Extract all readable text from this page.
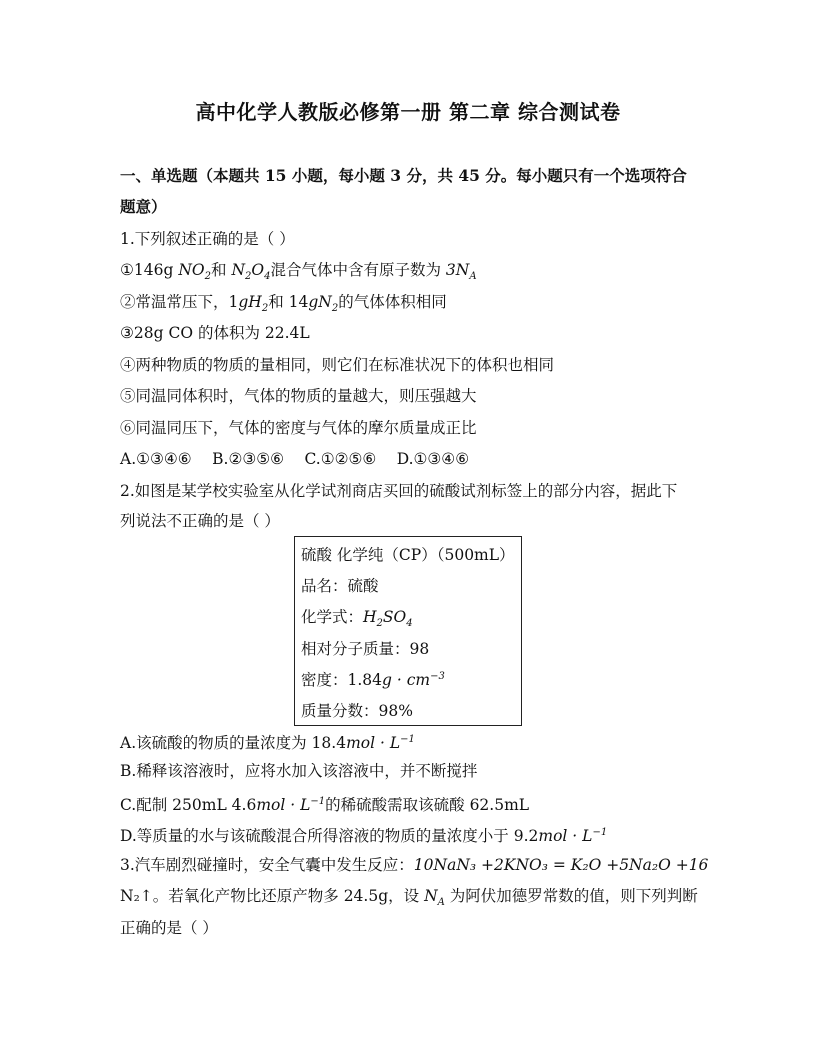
高中化学人教版必修第一册 第二章 综合测试卷
一、单选题（本题共 15 小题，每小题 3 分，共 45 分。每小题只有一个选项符合
题意）
1.下列叙述正确的是（ ）
①146g $NO_2$和 $N_2O_4$混合气体中含有原子数为 $3N_A$
②常温常压下，$1gH_2$和 $14gN_2$的气体体积相同
③28g CO 的体积为 22.4L
④两种物质的物质的量相同，则它们在标准状况下的体积也相同
⑤同温同体积时，气体的物质的量越大，则压强越大
⑥同温同压下，气体的密度与气体的摩尔质量成正比
A.①③④⑥　 B.②③⑤⑥　 C.①②⑤⑥　 D.①③④⑥
2.如图是某学校实验室从化学试剂商店买回的硫酸试剂标签上的部分内容，据此下
列说法不正确的是（ ）
硫酸 化学纯（CP）（500mL）
品名：硫酸
化学式：$H_2SO_4$
相对分子质量：98
密度：$1.84g \cdot cm^{-3}$
质量分数：98%
A.该硫酸的物质的量浓度为 $18.4mol \cdot L^{-1}$
B.稀释该溶液时，应将水加入该溶液中，并不断搅拌
C.配制 250mL $4.6mol \cdot L^{-1}$的稀硫酸需取该硫酸 62.5mL
D.等质量的水与该硫酸混合所得溶液的物质的量浓度小于 $9.2mol \cdot L^{-1}$
3.汽车剧烈碰撞时，安全气囊中发生反应：10NaN₃ +2KNO₃ = K₂O +5Na₂O +16
N₂↑。若氧化产物比还原产物多 24.5g，设 $N_A$ 为阿伏加德罗常数的值，则下列判断
正确的是（ ）
